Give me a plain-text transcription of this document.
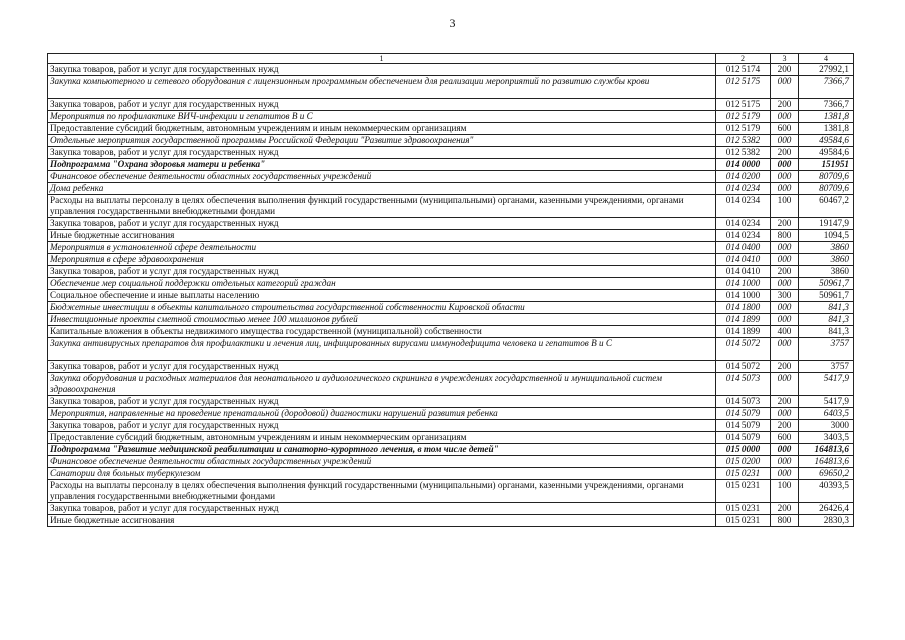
3
1	2	3	4
Закупка товаров, работ и услуг для государственных нужд	012 5174	200	27992,1
Закупка компьютерного и сетевого оборудования с лицензионным программным обеспечением для реализации мероприятий по развитию службы крови	012 5175	000	7366,7
Закупка товаров, работ и услуг для государственных нужд	012 5175	200	7366,7
Мероприятия по профилактике ВИЧ-инфекции и гепатитов В и С	012 5179	000	1381,8
Предоставление субсидий бюджетным, автономным учреждениям и иным некоммерческим организациям	012 5179	600	1381,8
Отдельные мероприятия государственной программы Российской Федерации "Развитие здравоохранения"	012 5382	000	49584,6
Закупка товаров, работ и услуг для государственных нужд	012 5382	200	49584,6
Подпрограмма "Охрана здоровья матери и ребенка"	014 0000	000	151951
Финансовое обеспечение деятельности областных государственных учреждений	014 0200	000	80709,6
Дома ребенка	014 0234	000	80709,6
Расходы на выплаты персоналу в целях обеспечения выполнения функций государственными (муниципальными) органами, казенными учреждениями, органами управления государственными внебюджетными фондами	014 0234	100	60467,2
Закупка товаров, работ и услуг для государственных нужд	014 0234	200	19147,9
Иные бюджетные ассигнования	014 0234	800	1094,5
Мероприятия в установленной сфере деятельности	014 0400	000	3860
Мероприятия в сфере здравоохранения	014 0410	000	3860
Закупка товаров, работ и услуг для государственных нужд	014 0410	200	3860
Обеспечение мер социальной поддержки отдельных категорий граждан	014 1000	000	50961,7
Социальное обеспечение и иные выплаты населению	014 1000	300	50961,7
Бюджетные инвестиции в объекты капитального строительства государственной собственности Кировской области	014 1800	000	841,3
Инвестиционные проекты сметной стоимостью менее 100 миллионов рублей	014 1899	000	841,3
Капитальные вложения в объекты недвижимого имущества государственной (муниципальной) собственности	014 1899	400	841,3
Закупка антивирусных препаратов для профилактики и лечения лиц, инфицированных вирусами иммунодефицита человека и гепатитов В и С	014 5072	000	3757
Закупка товаров, работ и услуг для государственных нужд	014 5072	200	3757
Закупка оборудования и расходных материалов для неонатального и аудиологического скрининга в учреждениях государственной и муниципальной систем здравоохранения	014 5073	000	5417,9
Закупка товаров, работ и услуг для государственных нужд	014 5073	200	5417,9
Мероприятия, направленные на проведение пренатальной (дородовой) диагностики нарушений развития ребенка	014 5079	000	6403,5
Закупка товаров, работ и услуг для государственных нужд	014 5079	200	3000
Предоставление субсидий бюджетным, автономным учреждениям и иным некоммерческим организациям	014 5079	600	3403,5
Подпрограмма "Развитие медицинской реабилитации и санаторно-курортного лечения, в том числе детей"	015 0000	000	164813,6
Финансовое обеспечение деятельности областных государственных учреждений	015 0200	000	164813,6
Санатории для больных туберкулезом	015 0231	000	69650,2
Расходы на выплаты персоналу в целях обеспечения выполнения функций государственными (муниципальными) органами, казенными учреждениями, органами управления государственными внебюджетными фондами	015 0231	100	40393,5
Закупка товаров, работ и услуг для государственных нужд	015 0231	200	26426,4
Иные бюджетные ассигнования	015 0231	800	2830,3
